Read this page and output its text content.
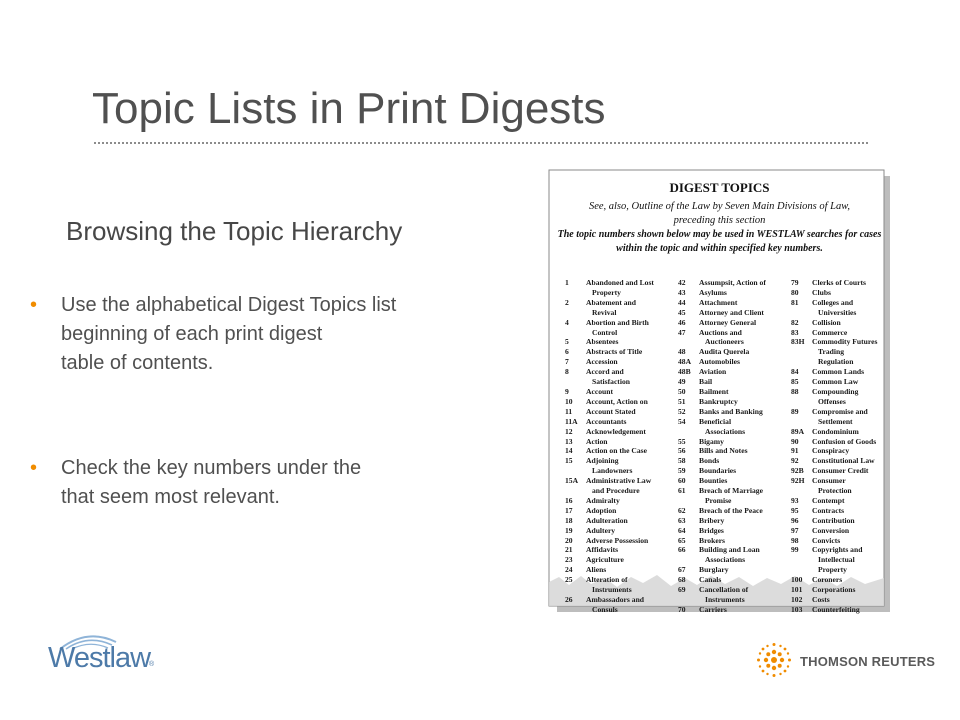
Topic Lists in Print Digests
Browsing the Topic Hierarchy
• Use the alphabetical Digest Topics list
beginning of each print digest
table of contents.
• Check the key numbers under the
that seem most relevant.
DIGEST TOPICS
See, also, Outline of the Law by Seven Main Divisions of Law,
preceding this section
The topic numbers shown below may be used in WESTLAW searches for cases
within the topic and within specified key numbers.
1	Abandoned and Lost
Property
2	Abatement and
Revival
4	Abortion and Birth
Control
5	Absentees
6	Abstracts of Title
7	Accession
8	Accord and
Satisfaction
9	Account
10	Account, Action on
11	Account Stated
11A	Accountants
12	Acknowledgement
13	Action
14	Action on the Case
15	Adjoining
Landowners
15A	Administrative Law
and Procedure
16	Admiralty
17	Adoption
18	Adulteration
19	Adultery
20	Adverse Possession
21	Affidavits
23	Agriculture
24	Aliens
25	Alteration of
Instruments
26	Ambassadors and
Consuls
42	Assumpsit, Action of
43	Asylums
44	Attachment
45	Attorney and Client
46	Attorney General
47	Auctions and
Auctioneers
48	Audita Querela
48A	Automobiles
48B	Aviation
49	Bail
50	Bailment
51	Bankruptcy
52	Banks and Banking
54	Beneficial
Associations
55	Bigamy
56	Bills and Notes
58	Bonds
59	Boundaries
60	Bounties
61	Breach of Marriage
Promise
62	Breach of the Peace
63	Bribery
64	Bridges
65	Brokers
66	Building and Loan
Associations
67	Burglary
68	Canals
69	Cancellation of
Instruments
70	Carriers
79	Clerks of Courts
80	Clubs
81	Colleges and
Universities
82	Collision
83	Commerce
83H Commodity Futures
Trading
Regulation
84	Common Lands
85	Common Law
88	Compounding
Offenses
89	Compromise and
Settlement
89A	Condominium
90	Confusion of Goods
91	Conspiracy
92	Constitutional Law
92B	Consumer Credit
92H Consumer
Protection
93	Contempt
95	Contracts
96	Contribution
97	Conversion
98	Convicts
99	Copyrights and
Intellectual
Property
100	Coroners
101	Corporations
102	Costs
103	Counterfeiting
Westlaw
®	THOMSON REUTERS
